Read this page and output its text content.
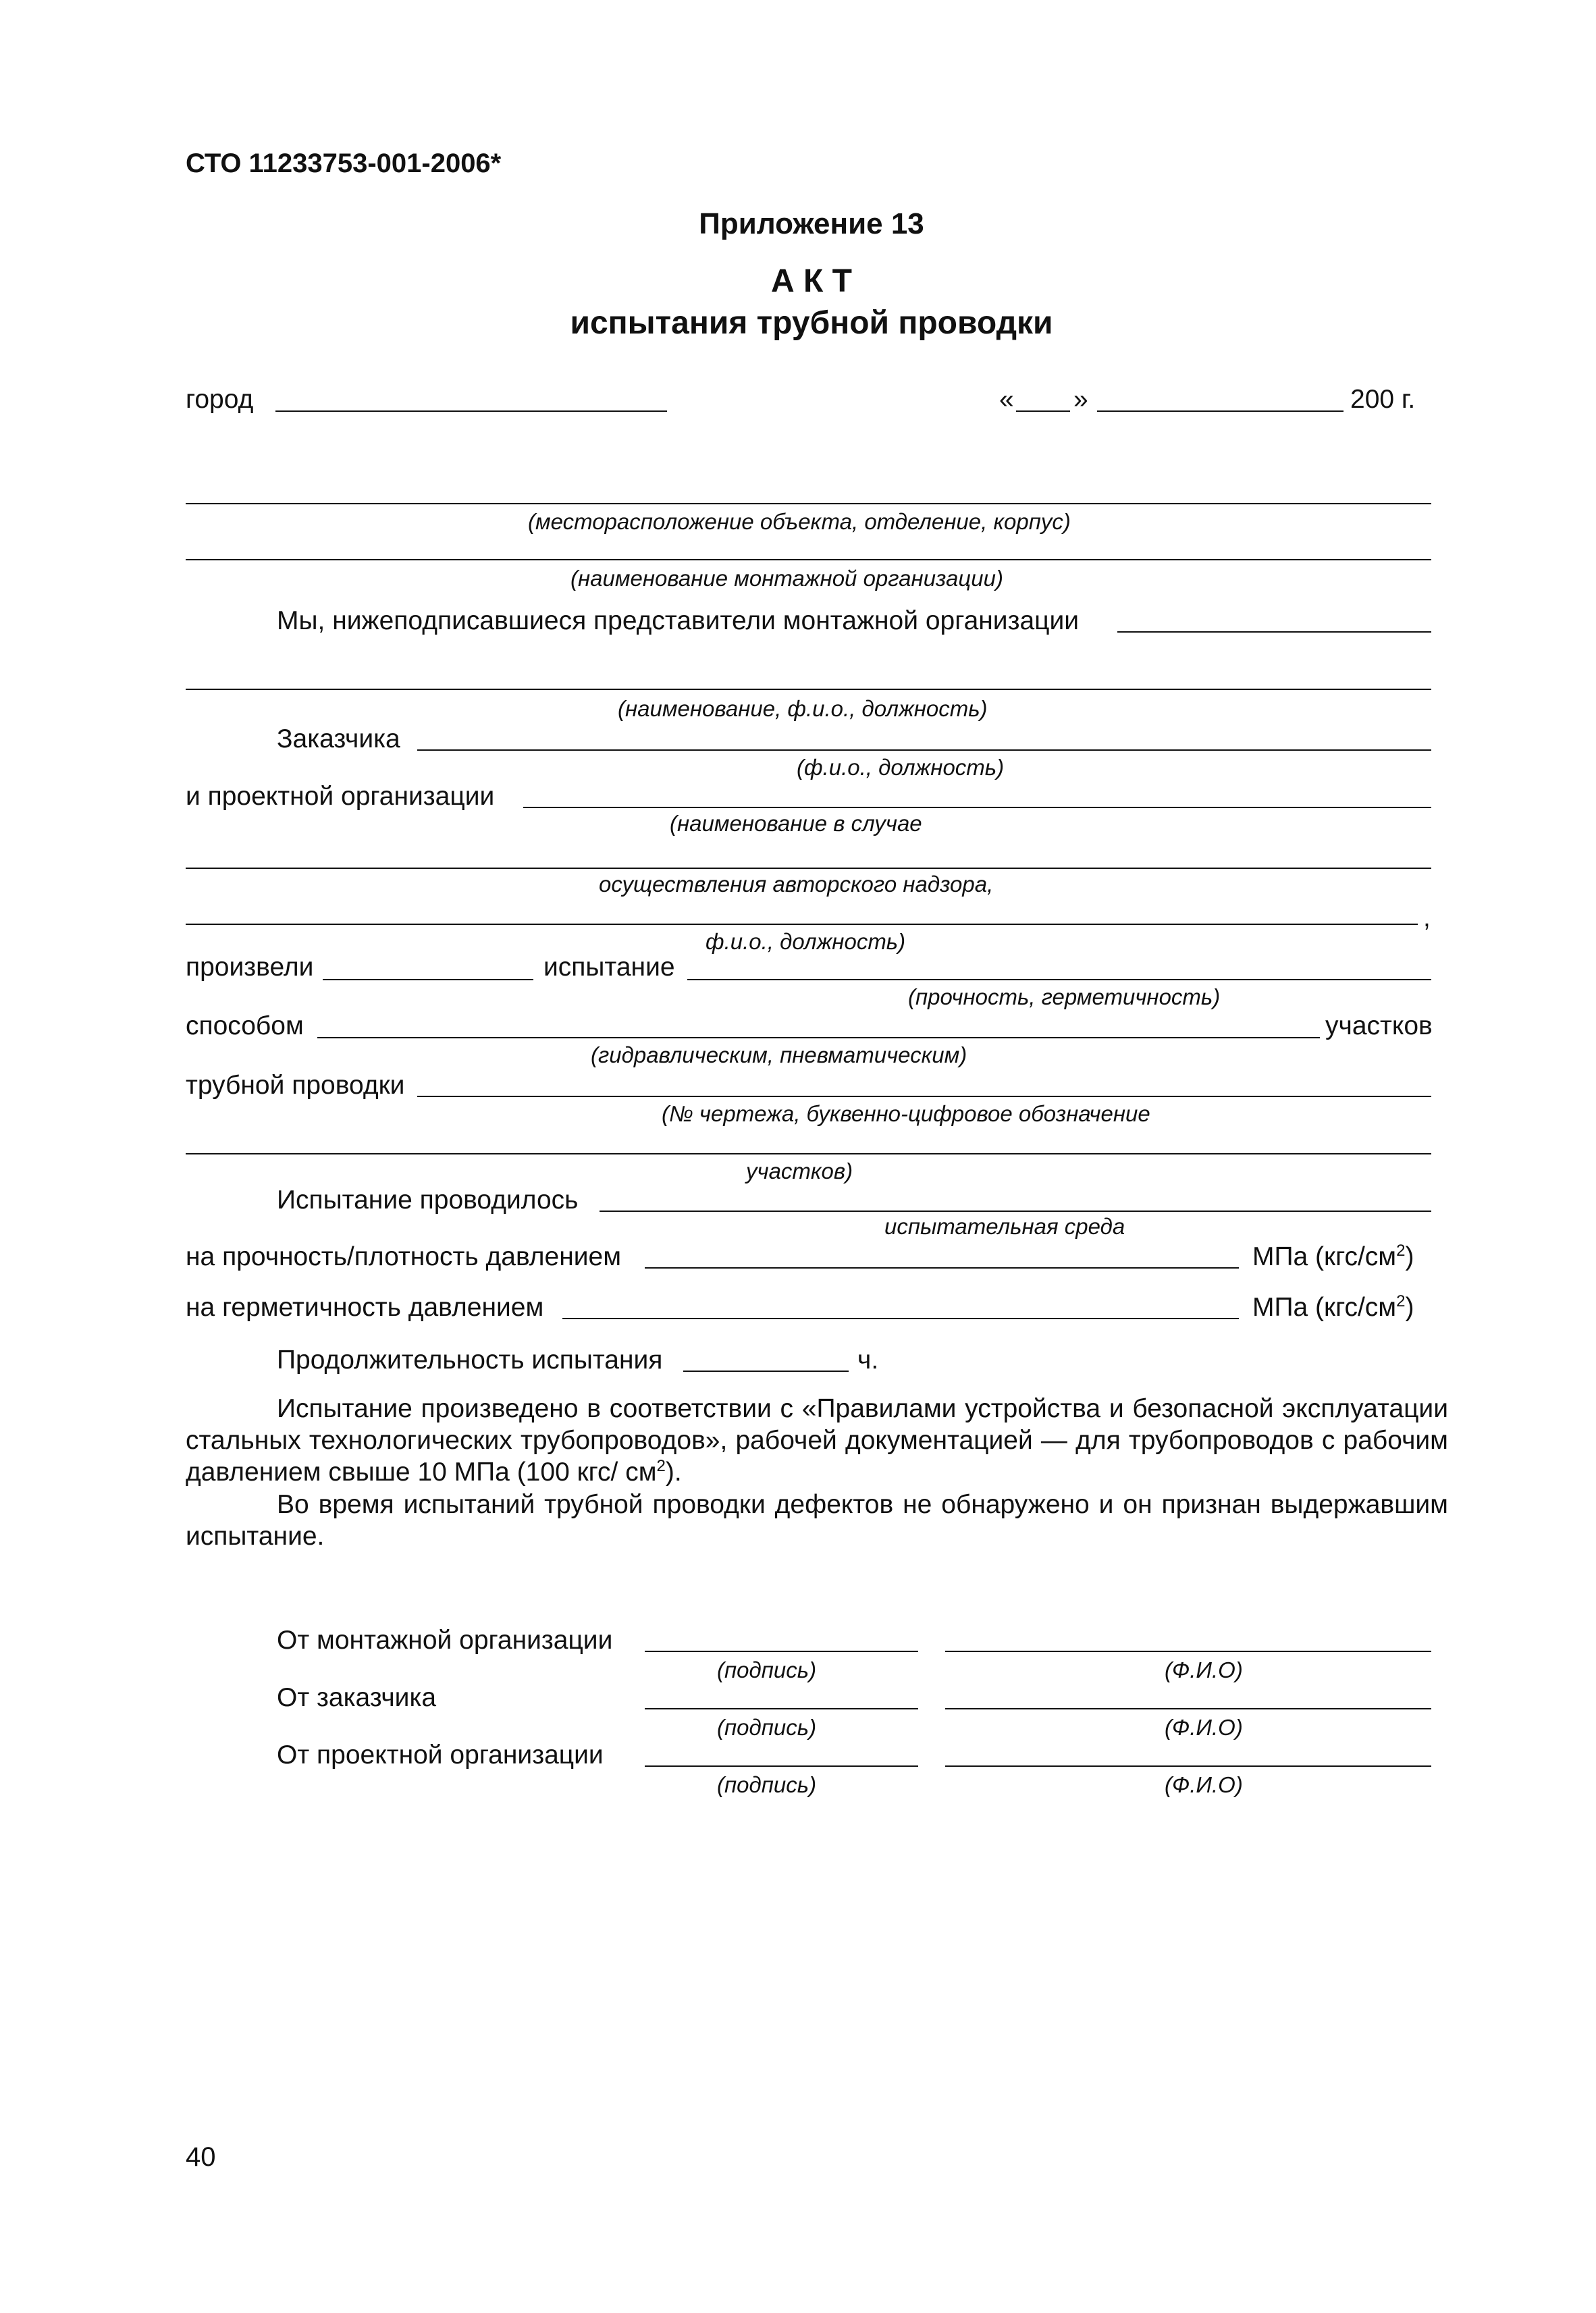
СТО 11233753-001-2006*
Приложение 13
А К Т
испытания трубной проводки
город	« »	200 г.
(месторасположение объекта, отделение, корпус)
(наименование монтажной организации)
Мы, нижеподписавшиеся представители монтажной организации
(наименование, ф.и.о., должность)
Заказчика
(ф.и.о., должность)
и проектной организации
(наименование в случае
осуществления авторского надзора,
,
ф.и.о., должность)
произвели	испытание
(прочность, герметичность)
способом	участков
(гидравлическим, пневматическим)
трубной проводки
(№ чертежа, буквенно-цифровое обозначение
участков)
Испытание проводилось
испытательная среда
на прочность/плотность давлением	МПа $(кгс/см^2)$
на герметичность давлением	МПа $(кгс/см^2)$
Продолжительность испытания	ч.
Испытание произведено в соответствии с «Правилами устройства и безопасной эксплуатации стальных технологических трубопроводов», рабочей документацией — для трубопроводов с рабочим давлением свыше 10 МПа (100 кгс/ $см^2$).
Во время испытаний трубной проводки дефектов не обнаружено и он признан выдержавшим испытание.
От монтажной организации
(подпись)	(Ф.И.О)
От заказчика
(подпись)	(Ф.И.О)
От проектной организации
(подпись)	(Ф.И.О)
40
